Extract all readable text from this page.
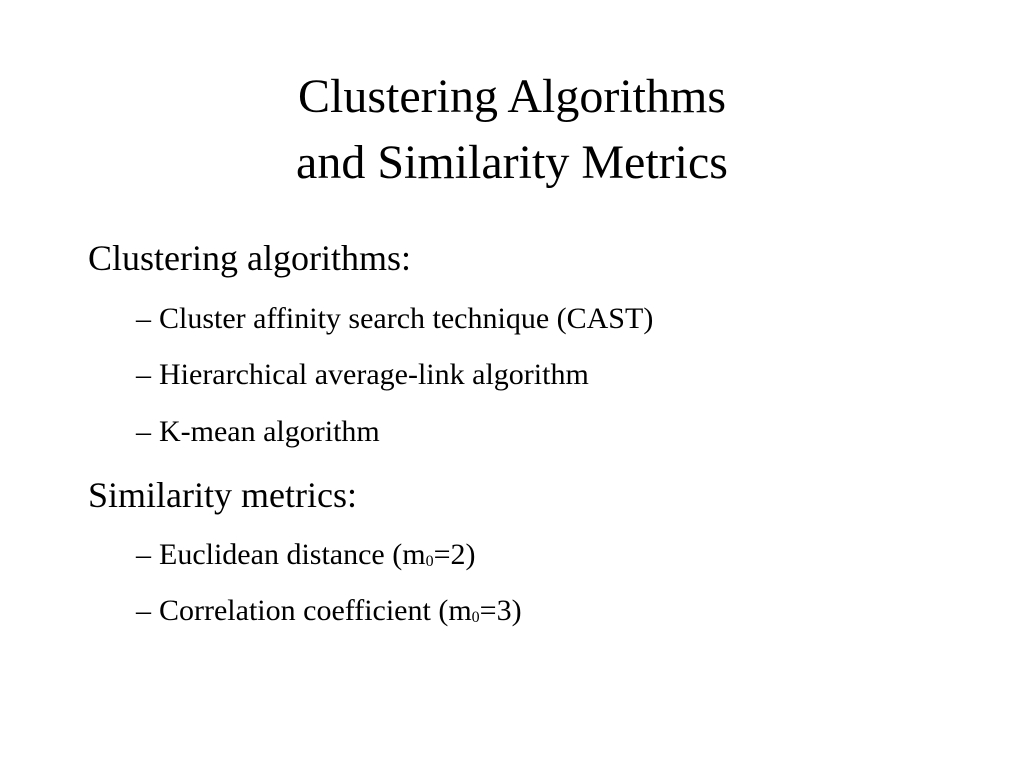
Clustering Algorithms
and Similarity Metrics
Clustering algorithms:
– Cluster affinity search technique (CAST)
– Hierarchical average-link algorithm
– K-mean algorithm
Similarity metrics:
– Euclidean distance (m0=2)
– Correlation coefficient (m0=3)
